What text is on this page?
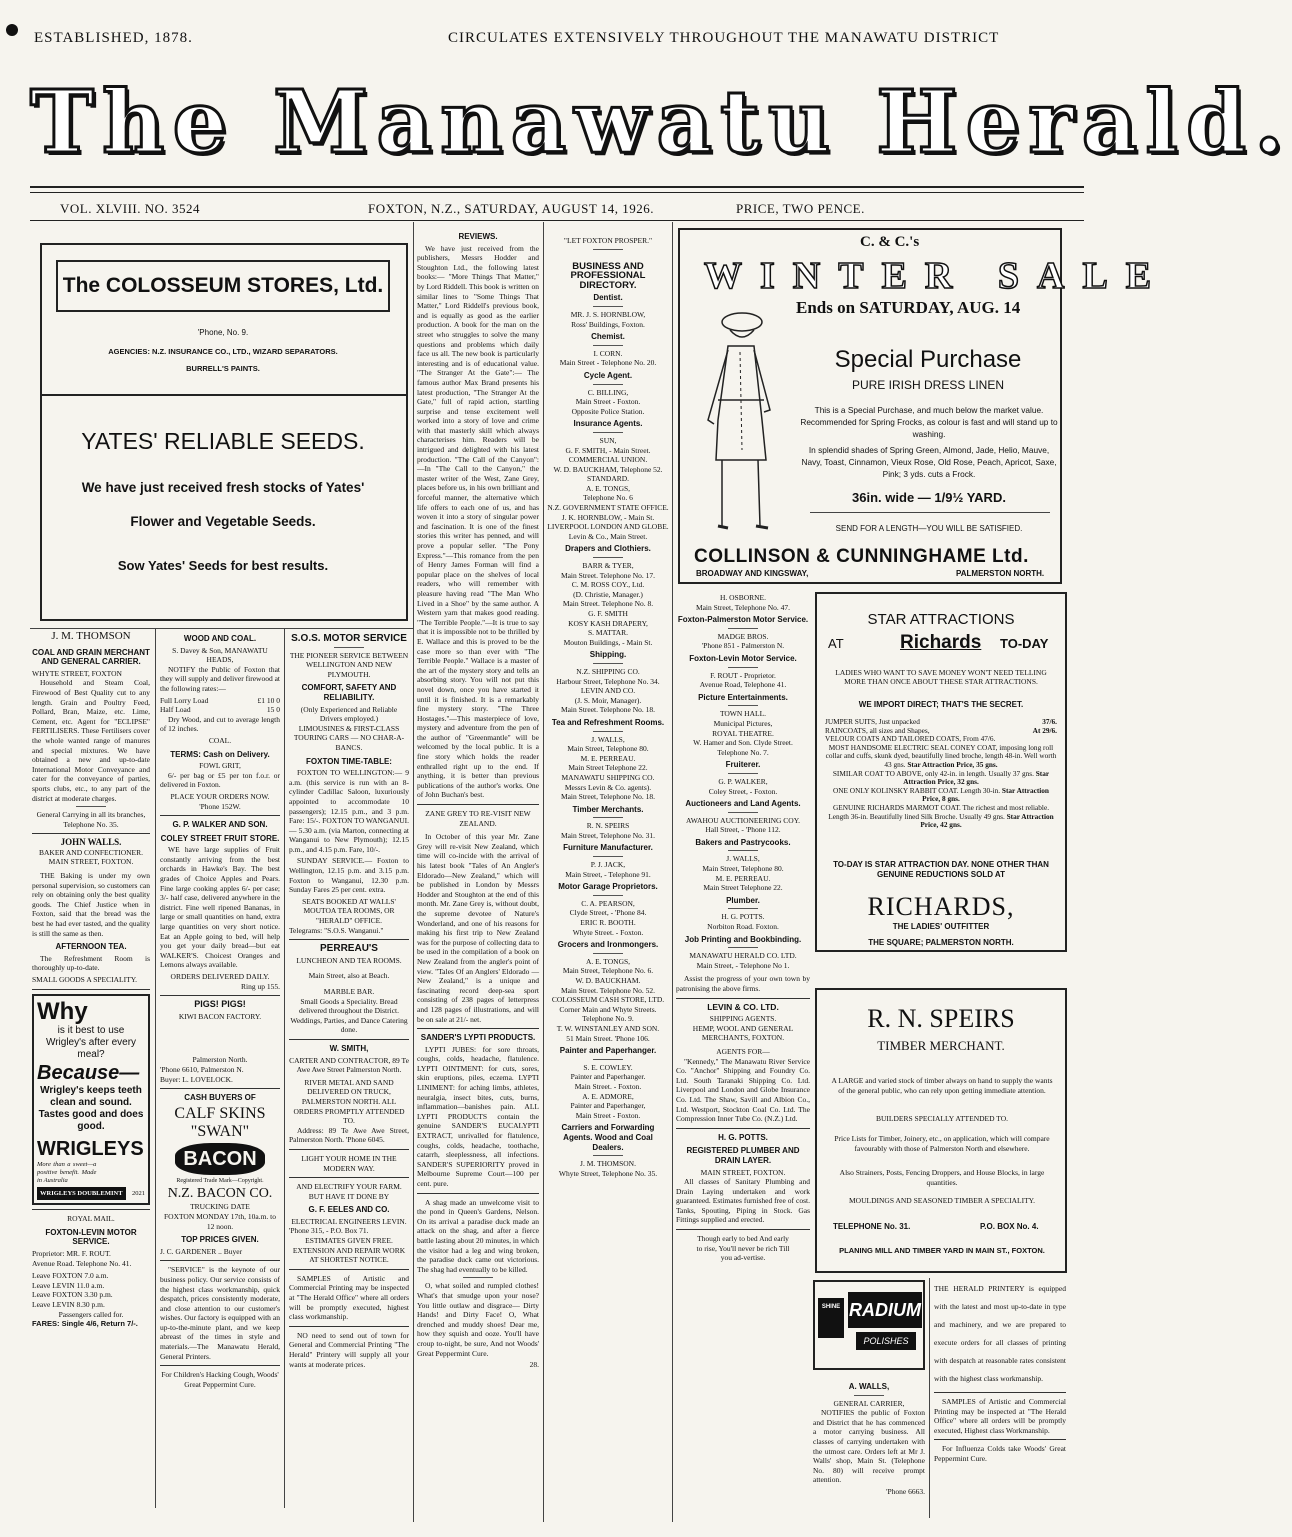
ESTABLISHED, 1878.	CIRCULATES EXTENSIVELY THROUGHOUT THE MANAWATU DISTRICT
The Manawatu Herald.
VOL. XLVIII. NO. 3524	FOXTON, N.Z., SATURDAY, AUGUST 14, 1926.	PRICE, TWO PENCE.
The COLOSSEUM STORES, Ltd.
'Phone, No. 9.
AGENCIES: N.Z. INSURANCE CO., LTD., WIZARD SEPARATORS.
BURRELL'S PAINTS.
YATES' RELIABLE SEEDS.
We have just received fresh stocks of Yates'
Flower and Vegetable Seeds.
Sow Yates' Seeds for best results.
J. M. THOMSON
COAL AND GRAIN MERCHANT AND GENERAL CARRIER.
WHYTE STREET, FOXTON

Household and Steam Coal, Firewood of Best Quality cut to any length. Grain and Poultry Feed, Pollard, Bran, Maize, etc. Lime, Cement, etc. Agent for "ECLIPSE" FERTILISERS. These Fertilisers cover the whole wanted range of manures and special mixtures. We have obtained a new and up-to-date International Motor Conveyance and cater for the conveyance of parties, sports clubs, etc., to any part of the district at moderate charges.

General Carrying in all its branches, Telephone No. 35.
JOHN WALLS.
BAKER AND CONFECTIONER.
MAIN STREET, FOXTON.

THE Baking is under my own personal supervision, so customers can rely on obtaining only the best quality goods. The Chief Justice when in Foxton, said that the bread was the best he had ever tasted, and the quality is still the same as then.

AFTERNOON TEA.

The Refreshment Room is thoroughly up-to-date.

SMALL GOODS A SPECIALITY.
Why
is it best to use Wrigley's after every meal?
Because—
Wrigley's keeps teeth clean and sound. Tastes good and does good.
WRIGLEYS
More than a sweet—a positive benefit. Made in Australia
WRIGLEYS DOUBLEMINT	2021
ROYAL MAIL.
FOXTON-LEVIN MOTOR SERVICE.
Proprietor: MR. F. ROUT.
Avenue Road. Telephone No. 41.
Leave FOXTON 7.0 a.m.
Leave LEVIN 11.0 a.m.
Leave FOXTON 3.30 p.m.
Leave LEVIN 8.30 p.m.
Passengers called for.
FARES: Single 4/6, Return 7/-.
WOOD AND COAL.
S. Davey & Son, MANAWATU HEADS,

NOTIFY the Public of Foxton that they will supply and deliver firewood at the following rates:—

Full Lorry Load	£1 10 0
Half Load	15 0

Dry Wood, and cut to average length of 12 inches.

COAL.
TERMS: Cash on Delivery.
FOWL GRIT,

6/- per bag or £5 per ton f.o.r. or delivered in Foxton.

PLACE YOUR ORDERS NOW.
'Phone 152W.
G. P. WALKER AND SON.
COLEY STREET FRUIT STORE.

WE have large supplies of Fruit constantly arriving from the best orchards in Hawke's Bay. The best grades of Choice Apples and Pears. Fine large cooking apples 6/- per case; 3/- half case, delivered anywhere in the district. Fine well ripened Bananas, in large or small quantities on hand, extra large quantities on very short notice. Eat an Apple going to bed, will help you get your daily bread—but eat WALKER'S. Choicest Oranges and Lemons always available.

ORDERS DELIVERED DAILY.
Ring up 155.
PIGS! PIGS!
KIWI BACON FACTORY.
Palmerston North.
'Phone 6610, Palmerston N.
Buyer: L. LOVELOCK.
CASH BUYERS OF
CALF SKINS
"SWAN"
BACON
Registered Trade Mark—Copyright.
N.Z. BACON CO.
TRUCKING DATE
FOXTON MONDAY 17th, 10a.m. to 12 noon.
TOP PRICES GIVEN.
J. C. GARDENER .. Buyer

"SERVICE" is the keynote of our business policy. Our service consists of the highest class workmanship, quick despatch, prices consistently moderate, and close attention to our customer's wishes. Our factory is equipped with an up-to-the-minute plant, and we keep abreast of the times in style and materials.—The Manawatu Herald, General Printers.

For Children's Hacking Cough, Woods' Great Peppermint Cure.
S.O.S. MOTOR SERVICE
THE PIONEER SERVICE BETWEEN WELLINGTON AND NEW PLYMOUTH.
COMFORT, SAFETY AND RELIABILITY.
(Only Experienced and Reliable Drivers employed.)
LIMOUSINES & FIRST-CLASS TOURING CARS — NO CHAR-A-BANCS.
FOXTON TIME-TABLE:

FOXTON TO WELLINGTON:— 9 a.m. (this service is run with an 8-cylinder Cadillac Saloon, luxuriously appointed to accommodate 10 passengers); 12.15 p.m., and 3 p.m. Fare: 15/-. FOXTON TO WANGANUI.— 5.30 a.m. (via Marton, connecting at Wanganui to New Plymouth); 12.15 p.m., and 4.15 p.m. Fare, 10/-.

SUNDAY SERVICE.— Foxton to Wellington, 12.15 p.m. and 3.15 p.m. Foxton to Wanganui, 12.30 p.m. Sunday Fares 25 per cent. extra.

SEATS BOOKED AT WALLS' MOUTOA TEA ROOMS, OR "HERALD" OFFICE.
Telegrams: "S.O.S. Wanganui."
PERREAU'S
LUNCHEON AND TEA ROOMS.
Main Street, also at Beach.
MARBLE BAR.
Small Goods a Speciality. Bread delivered throughout the District. Weddings, Parties, and Dance Catering done.
W. SMITH,
CARTER AND CONTRACTOR, 89 Te Awe Awe Street Palmerston North.
RIVER METAL AND SAND DELIVERED ON TRUCK, PALMERSTON NORTH. ALL ORDERS PROMPTLY ATTENDED TO.

Address: 89 Te Awe Awe Street, Palmerston North. 'Phone 6045.

LIGHT YOUR HOME IN THE MODERN WAY.
AND ELECTRIFY YOUR FARM. BUT HAVE IT DONE BY
G. F. EELES AND CO.
ELECTRICAL ENGINEERS LEVIN.
'Phone 315, - P.O. Box 71.
ESTIMATES GIVEN FREE. EXTENSION AND REPAIR WORK AT SHORTEST NOTICE.

SAMPLES of Artistic and Commercial Printing may be inspected at "The Herald Office" where all orders will be promptly executed, highest class workmanship.

NO need to send out of town for General and Commercial Printing "The Herald" Printery will supply all your wants at moderate prices.

REVIEWS.

We have just received from the publishers, Messrs Hodder and Stoughton Ltd., the following latest books:— "More Things That Matter," by Lord Riddell. This book is written on similar lines to "Some Things That Matter," Lord Riddell's previous book, and is equally as good as the earlier production. A book for the man on the street who struggles to solve the many questions and problems which daily face us all. The new book is particularly interesting and is of educational value. "The Stranger At the Gate":— The famous author Max Brand presents his latest production, "The Stranger At the Gate," full of rapid action, startling surprise and tense excitement well worked into a story of love and crime with that masterly skill which always characterises him. Readers will be intrigued and delighted with his latest production. "The Call of the Canyon":—In "The Call to the Canyon," the master writer of the West, Zane Grey, places before us, in his own brilliant and forceful manner, the alternative which life offers to each one of us, and has woven it into a story of singular power and fascination. It is one of the finest stories this writer has penned, and will prove a popular seller. "The Pony Express."—This romance from the pen of Henry James Forman will find a popular place on the shelves of local readers, who will remember with pleasure having read "The Man Who Lived in a Shoe" by the same author. A Western yarn that makes good reading. "The Terrible People."—It is true to say that it is impossible not to be thrilled by E. Wallace and this is proved to be the case more so than ever with "The Terrible People." Wallace is a master of the art of the mystery story and tells an absorbing story. You will not put this novel down, once you have started it until it is finished. It is a remarkably fine mystery story. "The Three Hostages."—This masterpiece of love, mystery and adventure from the pen of the author of "Greenmantle" will be welcomed by the local public. It is a fine story which holds the reader enthralled right up to the end. If anything, it is better than previous publications of the author's works. One of John Buchan's best.

ZANE GREY TO RE-VISIT NEW ZEALAND.

In October of this year Mr. Zane Grey will re-visit New Zealand, which time will co-incide with the arrival of his latest book "Tales of An Angler's Eldorado—New Zealand," which will be published in London by Messrs Hodder and Stoughton at the end of this month. Mr. Zane Grey is, without doubt, the supreme devotee of Nature's Wonderland, and one of his reasons for making his first trip to New Zealand was for the purpose of collecting data to be used in the compilation of a book on New Zealand from the angler's point of view. "Tales Of an Anglers' Eldorado —New Zealand," is a unique and fascinating record deep-sea sport consisting of 238 pages of letterpress and 128 pages of illustrations, and will be on sale at 21/- net.

SANDER'S LYPTI PRODUCTS.

LYPTI JUBES: for sore throats, coughs, colds, headache, flatulence. LYPTI OINTMENT: for cuts, sores, skin eruptions, piles, eczema. LYPTI LINIMENT: for aching limbs, athletes, neuralgia, insect bites, cuts, burns, inflammation—banishes pain. ALL LYPTI PRODUCTS contain the genuine SANDER'S EUCALYPTI EXTRACT, unrivalled for flatulence, coughs, colds, headache, toothache, catarrh, sleeplessness, all infections. SANDER'S SUPERIORITY proved in Melbourne Supreme Court—100 per cent. pure.

A shag made an unwelcome visit to the pond in Queen's Gardens, Nelson. On its arrival a paradise duck made an attack on the shag, and after a fierce battle lasting about 20 minutes, in which the visitor had a leg and wing broken, the paradise duck came out victorious. The shag had eventually to be killed.

O, what soiled and rumpled clothes! What's that smudge upon your nose? You little outlaw and disgrace— Dirty Hands! and Dirty Face! O, What drenched and muddy shoes! Dear me, how they squish and ooze. You'll have croup to-night, be sure, And not Woods' Great Peppermint Cure.

28.
"LET FOXTON PROSPER."
BUSINESS AND PROFESSIONAL DIRECTORY.
Dentist.
MR. J. S. HORNBLOW,
Ross' Buildings, Foxton.
Chemist.
I. CORN.
Main Street - Telephone No. 20.
Cycle Agent.
C. BILLING,
Main Street - Foxton.
Opposite Police Station.
Insurance Agents.
SUN,
G. F. SMITH, - Main Street.
COMMERCIAL UNION.
W. D. BAUCKHAM, Telephone 52.
STANDARD.
A. E. TONGS,
Telephone No. 6
N.Z. GOVERNMENT STATE OFFICE.
J. K. HORNBLOW, - Main St.
LIVERPOOL LONDON AND GLOBE.
Levin & Co., Main Street.
Drapers and Clothiers.
BARR & TYER,
Main Street. Telephone No. 17.
C. M. ROSS COY., Ltd.
(D. Christie, Manager.)
Main Street. Telephone No. 8.
G. F. SMITH
KOSY KASH DRAPERY,
S. MATTAR.
Mouton Buildings, - Main St.
Shipping.
N.Z. SHIPPING CO.
Harbour Street, Telephone No. 34.
LEVIN AND CO.
(J. S. Moir, Manager).
Main Street. Telephone No. 18.
Tea and Refreshment Rooms.
J. WALLS,
Main Street, Telephone 80.
M. E. PERREAU.
Main Street Telephone 22.
MANAWATU SHIPPING CO.
Messrs Levin & Co. agents).
Main Street, Telephone No. 18.
Timber Merchants.
R. N. SPEIRS
Main Street, Telephone No. 31.
Furniture Manufacturer.
P. J. JACK,
Main Street, - Telephone 91.
Motor Garage Proprietors.
C. A. PEARSON,
Clyde Street, - 'Phone 84.
ERIC R. BOOTH.
Whyte Street. - Foxton.
Grocers and Ironmongers.
A. E. TONGS,
Main Street, Telephone No. 6.
W. D. BAUCKHAM.
Main Street. Telephone No. 52.
COLOSSEUM CASH STORE, LTD.
Corner Main and Whyte Streets.
Telephone No. 9.
T. W. WINSTANLEY AND SON.
51 Main Street. 'Phone 106.
Painter and Paperhanger.
S. E. COWLEY.
Painter and Paperhanger.
Main Street. - Foxton.
A. E. ADMORE,
Painter and Paperhanger,
Main Street - Foxton.
Carriers and Forwarding Agents. Wood and Coal Dealers.
J. M. THOMSON.
Whyte Street, Telephone No. 35.
C. & C.'s
WINTER SALE
Ends on SATURDAY, AUG. 14
Special Purchase
PURE IRISH DRESS LINEN
This is a Special Purchase, and much below the market value. Recommended for Spring Frocks, as colour is fast and will stand up to washing.
In splendid shades of Spring Green, Almond, Jade, Helio, Mauve, Navy, Toast, Cinnamon, Vieux Rose, Old Rose, Peach, Apricot, Saxe, Pink; 3 yds. cuts a Frock.
36in. wide — 1/9½ YARD.
SEND FOR A LENGTH—YOU WILL BE SATISFIED.
COLLINSON & CUNNINGHAME Ltd.
BROADWAY AND KINGSWAY,	PALMERSTON NORTH.
H. OSBORNE.
Main Street, Telephone No. 47.
Foxton-Palmerston Motor Service.
MADGE BROS.
'Phone 851 - Palmerston N.
Foxton-Levin Motor Service.
F. ROUT - Proprietor.
Avenue Road, Telephone 41.
Picture Entertainments.
TOWN HALL.
Municipal Pictures,
ROYAL THEATRE.
W. Hamer and Son. Clyde Street.
Telephone No. 7.
Fruiterer.
G. P. WALKER,
Coley Street, - Foxton.
Auctioneers and Land Agents.
AWAHOU AUCTIONEERING COY.
Hall Street, - 'Phone 112.
Bakers and Pastrycooks.
J. WALLS,
Main Street, Telephone 80.
M. E. PERREAU.
Main Street Telephone 22.
Plumber.
H. G. POTTS.
Norbiton Road. Foxton.
Job Printing and Bookbinding.
MANAWATU HERALD CO. LTD.
Main Street, - Telephone No 1.

Assist the progress of your own town by patronising the above firms.

LEVIN & CO. LTD.
SHIPPING AGENTS.
HEMP, WOOL AND GENERAL MERCHANTS, FOXTON.
AGENTS FOR—

"Kennedy," The Manawatu River Service Co. "Anchor" Shipping and Foundry Co. Ltd. South Taranaki Shipping Co. Ltd. Liverpool and London and Globe Insurance Co. Ltd. The Shaw, Savill and Albion Co., Ltd. Westport, Stockton Coal Co. Ltd. The Compression Inner Tube Co. (N.Z.) Ltd.

H. G. POTTS.
REGISTERED PLUMBER AND DRAIN LAYER.
MAIN STREET, FOXTON.

All classes of Sanitary Plumbing and Drain Laying undertaken and work guaranteed. Estimates furnished free of cost. Tanks, Spouting, Piping in Stock. Gas Fittings supplied and erected.

Though early to bed And early to rise, You'll never be rich Till you ad-vertise.
STAR ATTRACTIONS
AT	Richards TO-DAY
LADIES WHO WANT TO SAVE MONEY WON'T NEED TELLING MORE THAN ONCE ABOUT THESE STAR ATTRACTIONS.
WE IMPORT DIRECT; THAT'S THE SECRET.
JUMPER SUITS, Just unpacked	37/6.
RAINCOATS, all sizes and Shapes,	At 29/6.
VELOUR COATS AND TAILORED COATS, From 47/6.
MOST HANDSOME ELECTRIC SEAL CONEY COAT, imposing long roll collar and cuffs, skunk dyed, beautifully lined broche, length 48-in. Well worth 43 gns. Star Attraction Price, 35 gns.
SIMILAR COAT TO ABOVE, only 42-in. in length. Usually 37 gns. Star Attraction Price, 32 gns.
ONE ONLY KOLINSKY RABBIT COAT. Length 30-in. Star Attraction Price, 8 gns.
GENUINE RICHARDS MARMOT COAT. The richest and most reliable. Length 36-in. Beautifully lined Silk Broche. Usually 49 gns. Star Attraction Price, 42 gns.
TO-DAY IS STAR ATTRACTION DAY. NONE OTHER THAN GENUINE REDUCTIONS SOLD AT
RICHARDS,
THE LADIES' OUTFITTER
THE SQUARE; PALMERSTON NORTH.
R. N. SPEIRS
TIMBER MERCHANT.
A LARGE and varied stock of timber always on hand to supply the wants of the general public, who can rely upon getting immediate attention.
BUILDERS SPECIALLY ATTENDED TO.
Price Lists for Timber, Joinery, etc., on application, which will compare favourably with those of Palmerston North and elsewhere.
Also Strainers, Posts, Fencing Droppers, and House Blocks, in large quantities.
MOULDINGS AND SEASONED TIMBER A SPECIALITY.
TELEPHONE No. 31.	P.O. BOX No. 4.
PLANING MILL AND TIMBER YARD IN MAIN ST., FOXTON.
SHINE RADIUM
POLISHES
A. WALLS,
GENERAL CARRIER,

NOTIFIES the public of Foxton and District that he has commenced a motor carrying business. All classes of carrying undertaken with the utmost care. Orders left at Mr J. Walls' shop, Main St. (Telephone No. 80) will receive prompt attention.

'Phone 6663.

THE HERALD PRINTERY is equipped with the latest and most up-to-date in type and machinery, and we are prepared to execute orders for all classes of printing with despatch at reasonable rates consistent with the highest class workmanship.

SAMPLES of Artistic and Commercial Printing may be inspected at "The Herald Office" where all orders will be promptly executed, Highest class Workmanship.

For Influenza Colds take Woods' Great Peppermint Cure.
